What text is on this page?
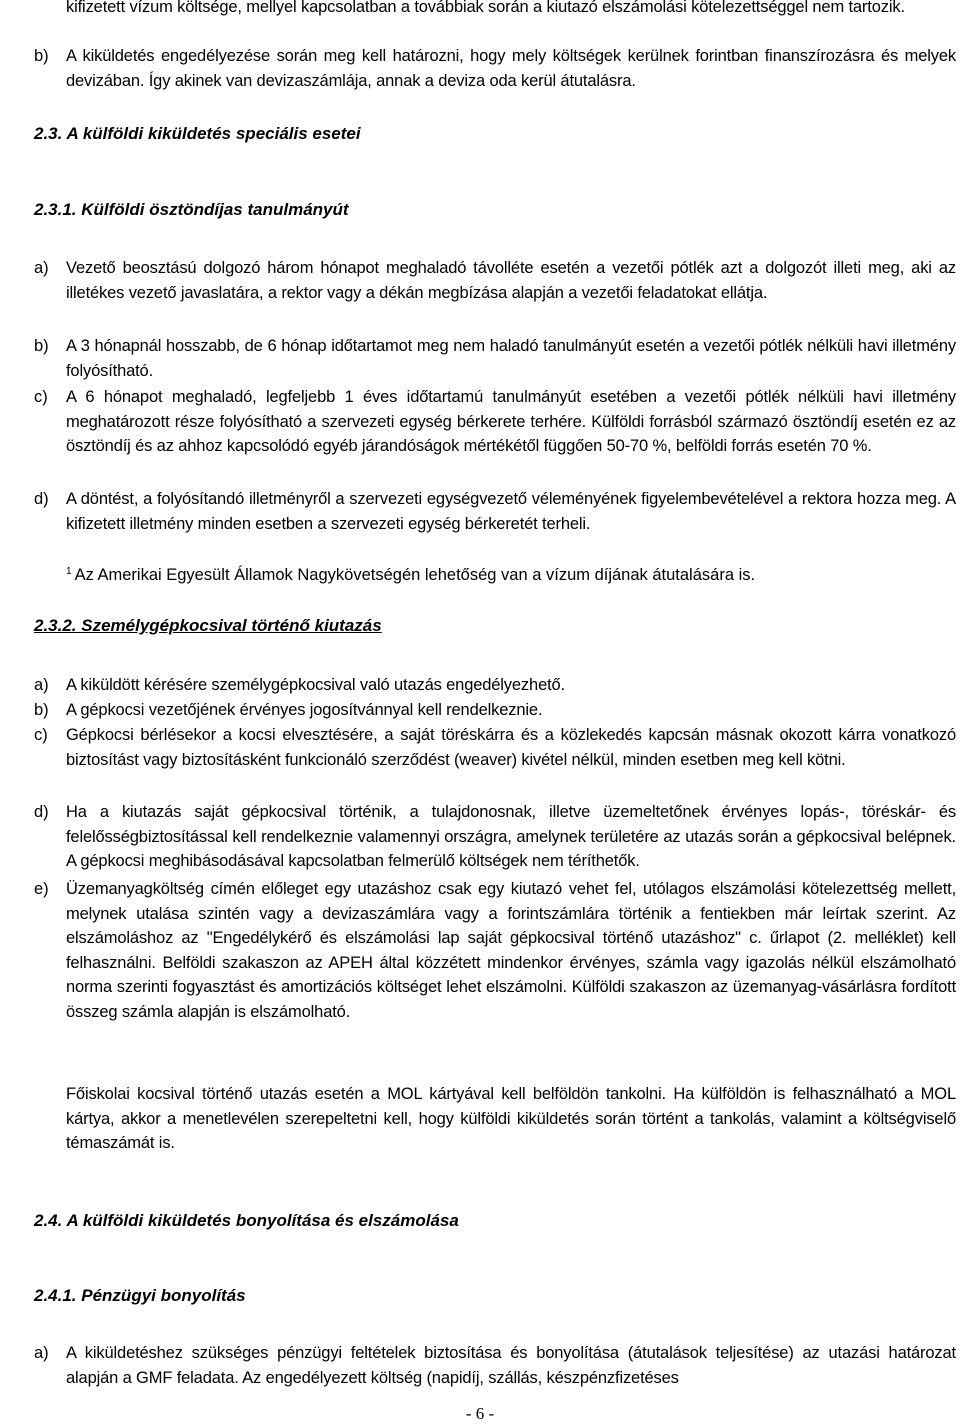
kifizetett vízum költsége, mellyel kapcsolatban a továbbiak során a kiutazó elszámolási kötelezettséggel nem tartozik.
b)	A kiküldetés engedélyezése során meg kell határozni, hogy mely költségek kerülnek forintban finanszírozásra és melyek devizában. Így akinek van devizaszámlája, annak a deviza oda kerül átutalásra.
2.3. A külföldi kiküldetés speciális esetei
2.3.1. Külföldi ösztöndíjas tanulmányút
a)	Vezető beosztású dolgozó három hónapot meghaladó távolléte esetén a vezetői pótlék azt a dolgozót illeti meg, aki az illetékes vezető javaslatára, a rektor vagy a dékán megbízása alapján a vezetői feladatokat ellátja.
b)	A 3 hónapnál hosszabb, de 6 hónap időtartamot meg nem haladó tanulmányút esetén a vezetői pótlék nélküli havi illetmény folyósítható.
c)	A 6 hónapot meghaladó, legfeljebb 1 éves időtartamú tanulmányút esetében a vezetői pótlék nélküli havi illetmény meghatározott része folyósítható a szervezeti egység bérkerete terhére. Külföldi forrásból származó ösztöndíj esetén ez az ösztöndíj és az ahhoz kapcsolódó egyéb járandóságok mértékétől függően 50-70 %, belföldi forrás esetén 70 %.
d)	A döntést, a folyósítandó illetményről a szervezeti egységvezető véleményének figyelembevételével a rektora hozza meg. A kifizetett illetmény minden esetben a szervezeti egység bérkeretét terheli.
$^1$ Az Amerikai Egyesült Államok Nagykövetségén lehetőség van a vízum díjának átutalására is.
2.3.2. Személygépkocsival történő kiutazás
a)	A kiküldött kérésére személygépkocsival való utazás engedélyezhető.
b)	A gépkocsi vezetőjének érvényes jogosítvánnyal kell rendelkeznie.
c)	Gépkocsi bérlésekor a kocsi elvesztésére, a saját töréskárra és a közlekedés kapcsán másnak okozott kárra vonatkozó biztosítást vagy biztosításként funkcionáló szerződést (weaver) kivétel nélkül, minden esetben meg kell kötni.
d)	Ha a kiutazás saját gépkocsival történik, a tulajdonosnak, illetve üzemeltetőnek érvényes lopás-, töréskár- és felelősségbiztosítással kell rendelkeznie valamennyi országra, amelynek területére az utazás során a gépkocsival belépnek. A gépkocsi meghibásodásával kapcsolatban felmerülő költségek nem téríthetők.
e)	Üzemanyagköltség címén előleget egy utazáshoz csak egy kiutazó vehet fel, utólagos elszámolási kötelezettség mellett, melynek utalása szintén vagy a devizaszámlára vagy a forintszámlára történik a fentiekben már leírtak szerint. Az elszámoláshoz az "Engedélykérő és elszámolási lap saját gépkocsival történő utazáshoz" c. űrlapot (2. melléklet) kell felhasználni. Belföldi szakaszon az APEH által közzétett mindenkor érvényes, számla vagy igazolás nélkül elszámolható norma szerinti fogyasztást és amortizációs költséget lehet elszámolni. Külföldi szakaszon az üzemanyag-vásárlásra fordított összeg számla alapján is elszámolható.
Főiskolai kocsival történő utazás esetén a MOL kártyával kell belföldön tankolni. Ha külföldön is felhasználható a MOL kártya, akkor a menetlevélen szerepeltetni kell, hogy külföldi kiküldetés során történt a tankolás, valamint a költségviselő témaszámát is.
2.4. A külföldi kiküldetés bonyolítása és elszámolása
2.4.1. Pénzügyi bonyolítás
a)	A kiküldetéshez szükséges pénzügyi feltételek biztosítása és bonyolítása (átutalások teljesítése) az utazási határozat alapján a GMF feladata. Az engedélyezett költség (napidíj, szállás, készpénzfizetéses
- 6 -
